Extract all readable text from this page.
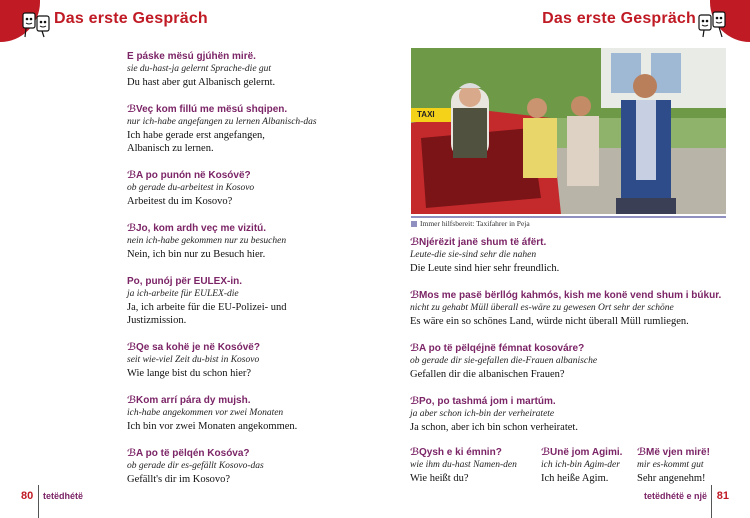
Das erste Gespräch	Das erste Gespräch
E páske mësú gjúhën mirë.
sie du-hast-ja gelernt Sprache-die gut
Du hast aber gut Albanisch gelernt.
ℬVeç kom fillú me mësú shqipen.
nur ich-habe angefangen zu lernen Albanisch-das
Ich habe gerade erst angefangen,
Albanisch zu lernen.
ℬA po punón në Kosóvë?
ob gerade du-arbeitest in Kosovo
Arbeitest du im Kosovo?
ℬJo, kom ardh veç me vizitú.
nein ich-habe gekommen nur zu besuchen
Nein, ich bin nur zu Besuch hier.
Po, punój për EULEX-in.
ja ich-arbeite für EULEX-die
Ja, ich arbeite für die EU-Polizei- und
Justizmission.
ℬQe sa kohë je në Kosóvë?
seit wie-viel Zeit du-bist in Kosovo
Wie lange bist du schon hier?
ℬKom arrí pára dy mujsh.
ich-habe angekommen vor zwei Monaten
Ich bin vor zwei Monaten angekommen.
ℬA po të pëlqén Kosóva?
ob gerade dir es-gefällt Kosovo-das
Gefällt's dir im Kosovo?
TAXI
Immer hilfsbereit: Taxifahrer in Peja
ℬNjérëzit janë shum të áfërt.
Leute-die sie-sind sehr die nahen
Die Leute sind hier sehr freundlich.
ℬMos me pasë bërllóg kahmós, kish me konë vend shum i búkur.
nicht zu gehabt Müll überall es-wäre zu gewesen Ort sehr der schöne
Es wäre ein so schönes Land, würde nicht überall Müll rumliegen.
ℬA po të pëlqéjnë fémnat kosováre?
ob gerade dir sie-gefallen die-Frauen albanische
Gefallen dir die albanischen Frauen?
ℬPo, po tashmá jom i martúm.
ja aber schon ich-bin der verheiratete
Ja schon, aber ich bin schon verheiratet.
ℬQysh e ki émnin?
wie ihm du-hast Namen-den
Wie heißt du?
ℬUnë jom Agimi.
ich ich-bin Agim-der
Ich heiße Agim.
ℬMë vjen mirë!
mir es-kommt gut
Sehr angenehm!
80 tetëdhétë	tetëdhétë e një 81
